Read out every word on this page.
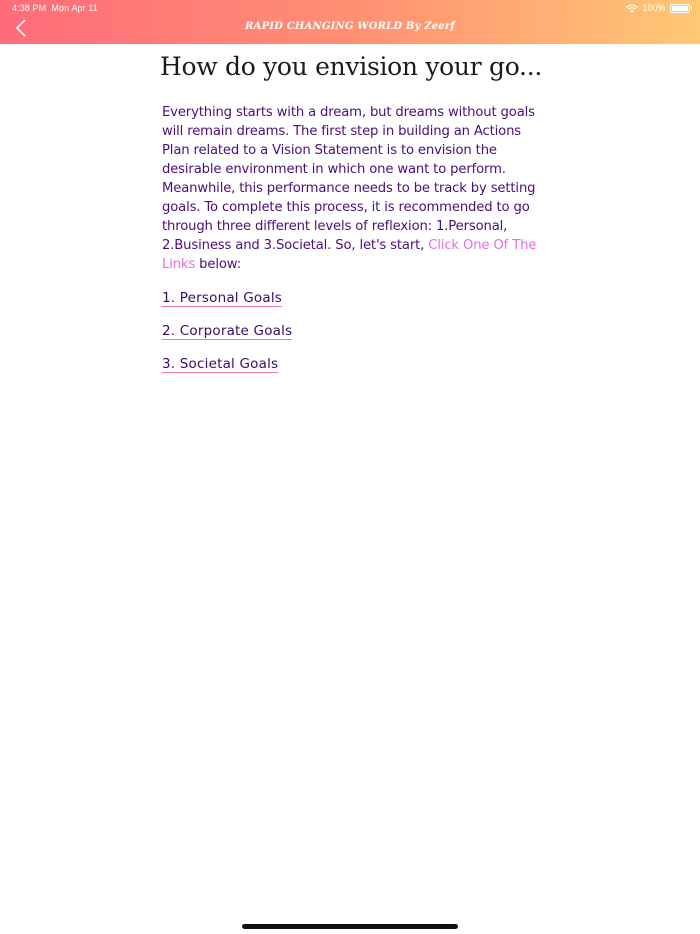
4:38 PM Mon Apr 11	100%
RAPID CHANGING WORLD By Zeerf
How do you envision your go...
Everything starts with a dream, but dreams without goals will remain dreams. The first step in building an Actions Plan related to a Vision Statement is to envision the desirable environment in which one want to perform. Meanwhile, this performance needs to be track by setting goals. To complete this process, it is recommended to go through three different levels of reflexion: 1.Personal, 2.Business and 3.Societal. So, let's start, Click One Of The Links below:
1. Personal Goals
2. Corporate Goals
3. Societal Goals
